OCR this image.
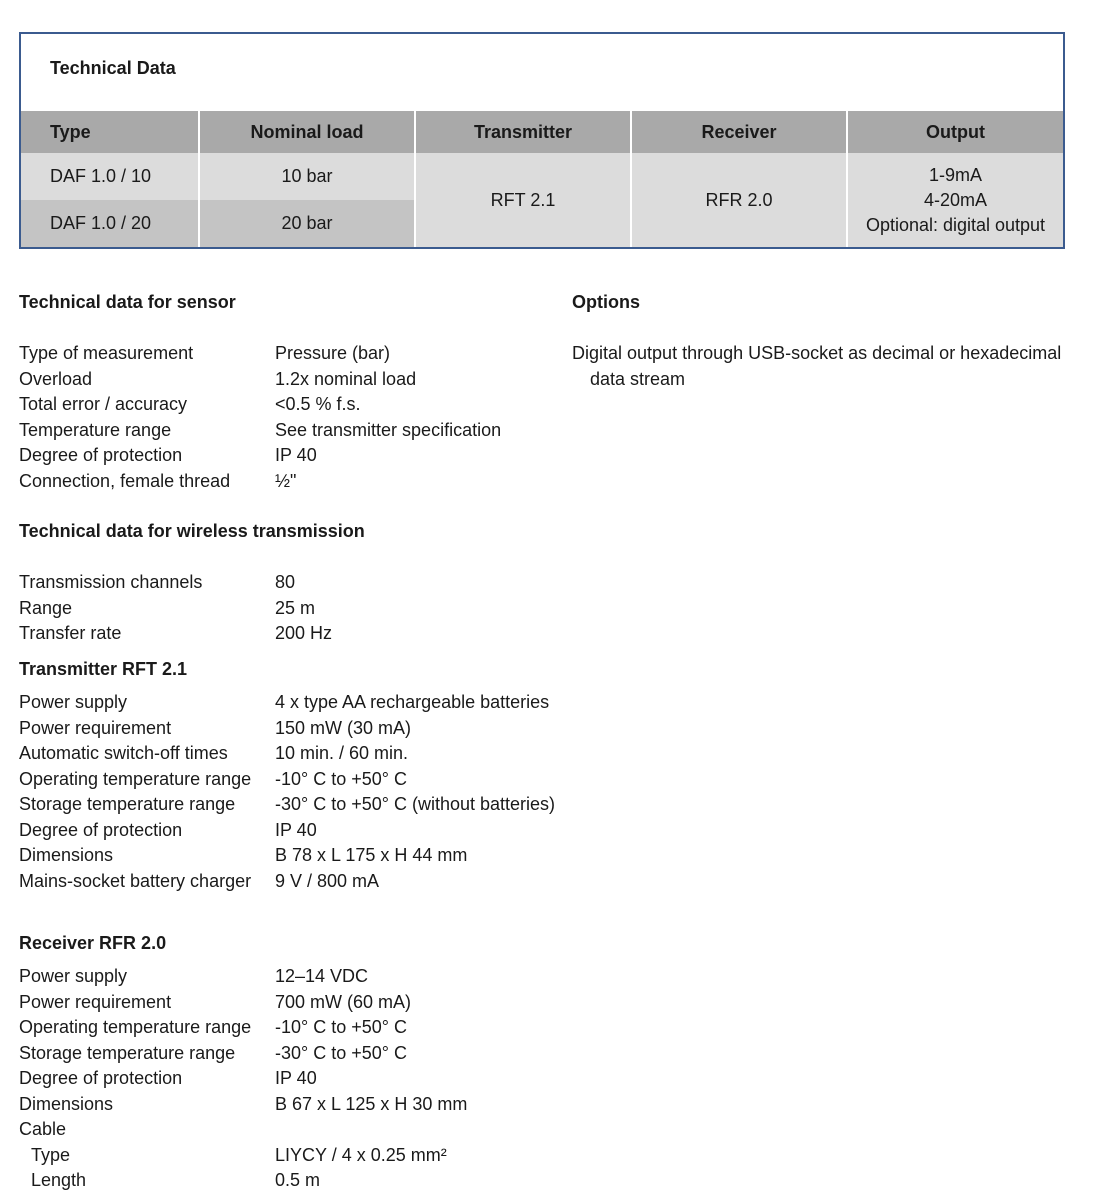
Technical Data
Type	Nominal load	Transmitter	Receiver	Output
DAF 1.0 / 10	10 bar	RFT 2.1	RFR 2.0	1-9mA
4-20mA
Optional: digital output

DAF 1.0 / 20	20 bar			
Technical data for sensor
Type of measurement	Pressure (bar)
Overload	1.2x nominal load
Total error / accuracy	<0.5 % f.s.
Temperature range	See transmitter specification
Degree of protection	IP 40
Connection, female thread	½"
Options
Digital output through USB-socket as decimal or hexadecimal
data stream
Technical data for wireless transmission
Transmission channels	80
Range	25 m
Transfer rate	200 Hz
Transmitter RFT 2.1
Power supply	4 x type AA rechargeable batteries
Power requirement	150 mW (30 mA)
Automatic switch-off times	10 min. / 60 min.
Operating temperature range	-10° C to +50° C
Storage temperature range	-30° C to +50° C (without batteries)
Degree of protection	IP 40
Dimensions	B 78 x L 175 x H 44 mm
Mains-socket battery charger	9 V / 800 mA
Receiver RFR 2.0
Power supply	12–14 VDC
Power requirement	700 mW (60 mA)
Operating temperature range	-10° C to +50° C
Storage temperature range	-30° C to +50° C
Degree of protection	IP 40
Dimensions	B 67 x L 125 x H 30 mm
Cable
Type	LIYCY / 4 x 0.25 mm²
Length	0.5 m
